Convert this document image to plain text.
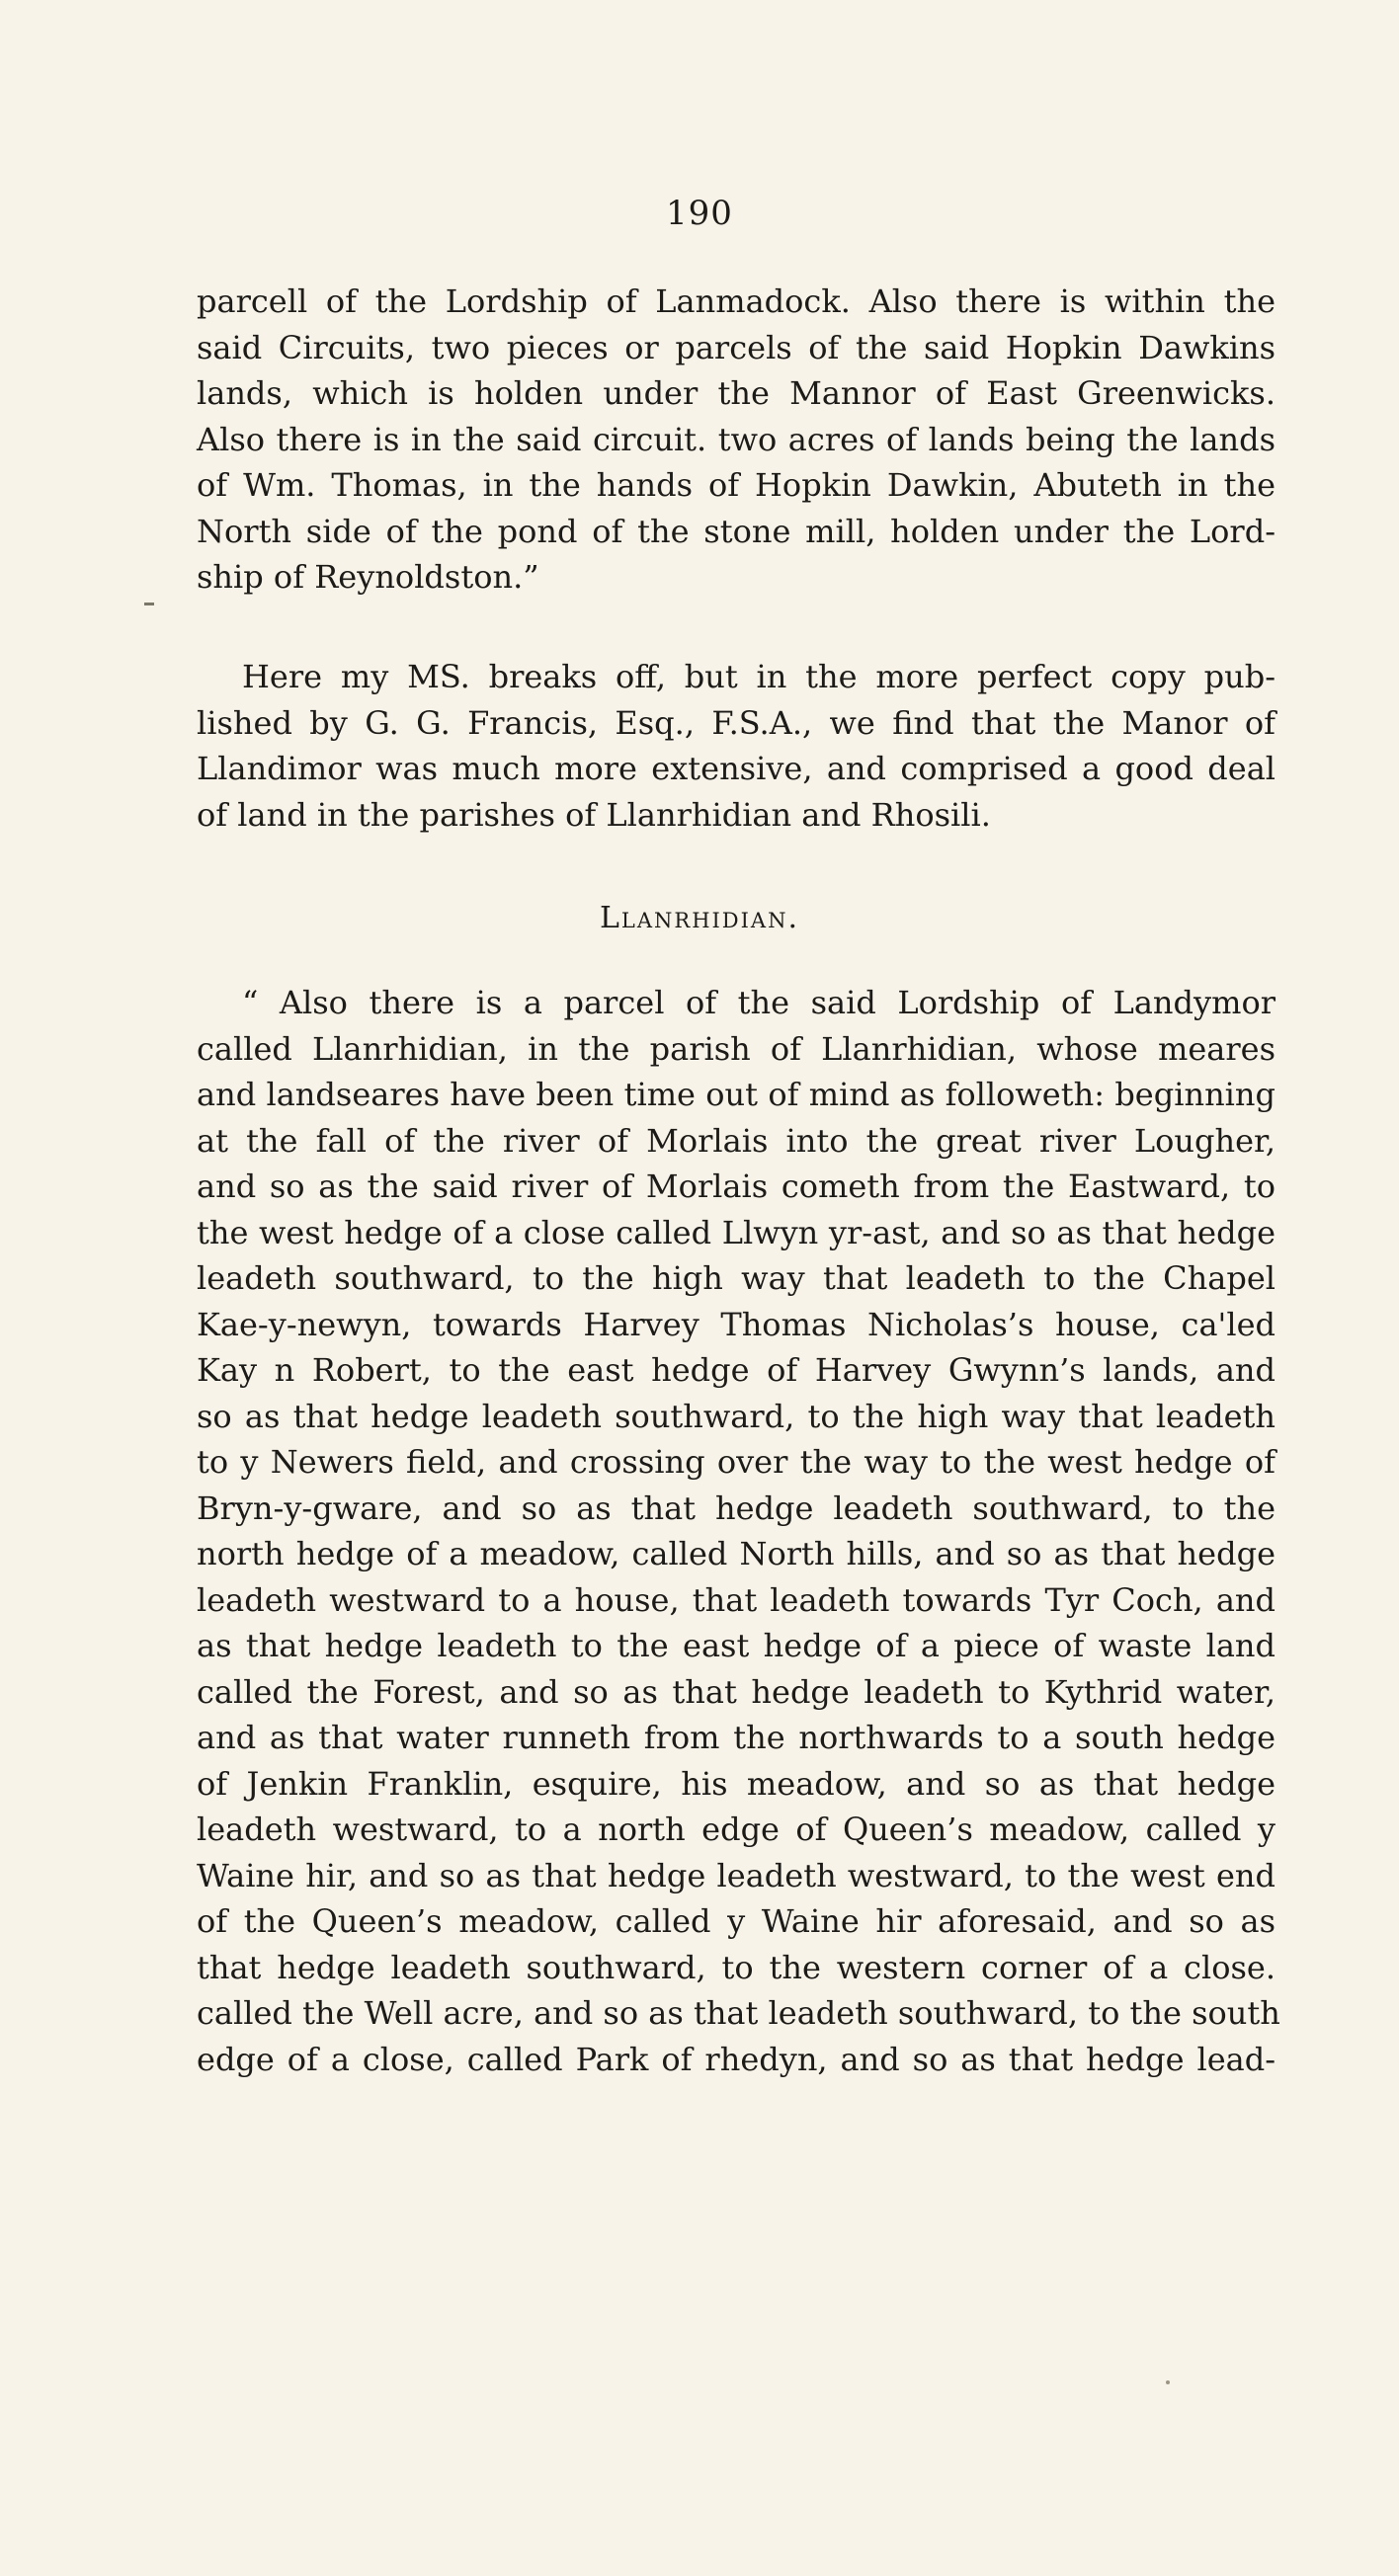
190
parcell of the Lordship of Lanmadock. Also there is within the
said Circuits, two pieces or parcels of the said Hopkin Dawkins
lands, which is holden under the Mannor of East Greenwicks.
Also there is in the said circuit. two acres of lands being the lands
of Wm. Thomas, in the hands of Hopkin Dawkin, Abuteth in the
North side of the pond of the stone mill, holden under the Lord-
ship of Reynoldston.”
Here my MS. breaks off, but in the more perfect copy pub-
lished by G. G. Francis, Esq., F.S.A., we find that the Manor of
Llandimor was much more extensive, and comprised a good deal
of land in the parishes of Llanrhidian and Rhosili.
Llanrhidian.
“ Also there is a parcel of the said Lordship of Landymor
called Llanrhidian, in the parish of Llanrhidian, whose meares
and landseares have been time out of mind as followeth: beginning
at the fall of the river of Morlais into the great river Lougher,
and so as the said river of Morlais cometh from the Eastward, to
the west hedge of a close called Llwyn yr-ast, and so as that hedge
leadeth southward, to the high way that leadeth to the Chapel
Kae-y-newyn, towards Harvey Thomas Nicholas’s house, ca'led
Kay n Robert, to the east hedge of Harvey Gwynn’s lands, and
so as that hedge leadeth southward, to the high way that leadeth
to y Newers field, and crossing over the way to the west hedge of
Bryn-y-gware, and so as that hedge leadeth southward, to the
north hedge of a meadow, called North hills, and so as that hedge
leadeth westward to a house, that leadeth towards Tyr Coch, and
as that hedge leadeth to the east hedge of a piece of waste land
called the Forest, and so as that hedge leadeth to Kythrid water,
and as that water runneth from the northwards to a south hedge
of Jenkin Franklin, esquire, his meadow, and so as that hedge
leadeth westward, to a north edge of Queen’s meadow, called y
Waine hir, and so as that hedge leadeth westward, to the west end
of the Queen’s meadow, called y Waine hir aforesaid, and so as
that hedge leadeth southward, to the western corner of a close.
called the Well acre, and so as that leadeth southward, to the south
edge of a close, called Park of rhedyn, and so as that hedge lead-
